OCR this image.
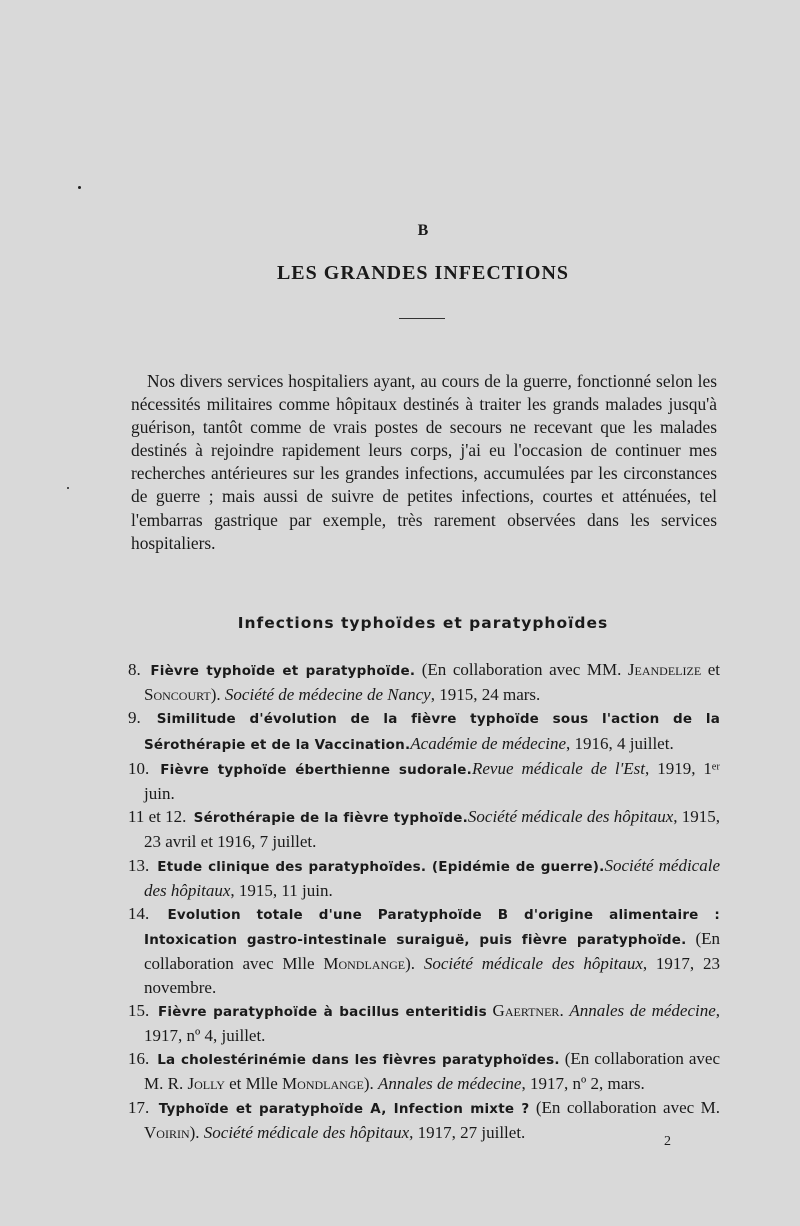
B
LES GRANDES INFECTIONS

Nos divers services hospitaliers ayant, au cours de la guerre, fonctionné selon les nécessités militaires comme hôpitaux destinés à traiter les grands malades jusqu'à guérison, tantôt comme de vrais postes de secours ne recevant que les malades destinés à rejoindre rapidement leurs corps, j'ai eu l'occasion de continuer mes recherches antérieures sur les grandes infections, accumulées par les circonstances de guerre ; mais aussi de suivre de petites infections, courtes et atténuées, tel l'embarras gastrique par exemple, très rarement observées dans les services hospitaliers.

Infections typhoïdes et paratyphoïdes
8. Fièvre typhoïde et paratyphoïde. (En collaboration avec MM. Jeandelize et Soncourt). Société de médecine de Nancy, 1915, 24 mars.
9. Similitude d'évolution de la fièvre typhoïde sous l'action de la Sérothérapie et de la Vaccination.Académie de médecine, 1916, 4 juillet.
10. Fièvre typhoïde éberthienne sudorale.Revue médicale de l'Est, 1919, 1ᵉʳ juin.
11 et 12. Sérothérapie de la fièvre typhoïde.Société médicale des hôpitaux, 1915, 23 avril et 1916, 7 juillet.
13. Etude clinique des paratyphoïdes. (Epidémie de guerre).Société médicale des hôpitaux, 1915, 11 juin.
14. Evolution totale d'une Paratyphoïde B d'origine alimentaire : Intoxication gastro-intestinale suraiguë, puis fièvre paratyphoïde. (En collaboration avec Mlle Mondlange). Société médicale des hôpitaux, 1917, 23 novembre.
15. Fièvre paratyphoïde à bacillus enteritidis Gaertner. Annales de médecine, 1917, nº 4, juillet.
16. La cholestérinémie dans les fièvres paratyphoïdes. (En collaboration avec M. R. Jolly et Mlle Mondlange). Annales de médecine, 1917, nº 2, mars.
17. Typhoïde et paratyphoïde A, Infection mixte ? (En collaboration avec M. Voirin). Société médicale des hôpitaux, 1917, 27 juillet.	2
